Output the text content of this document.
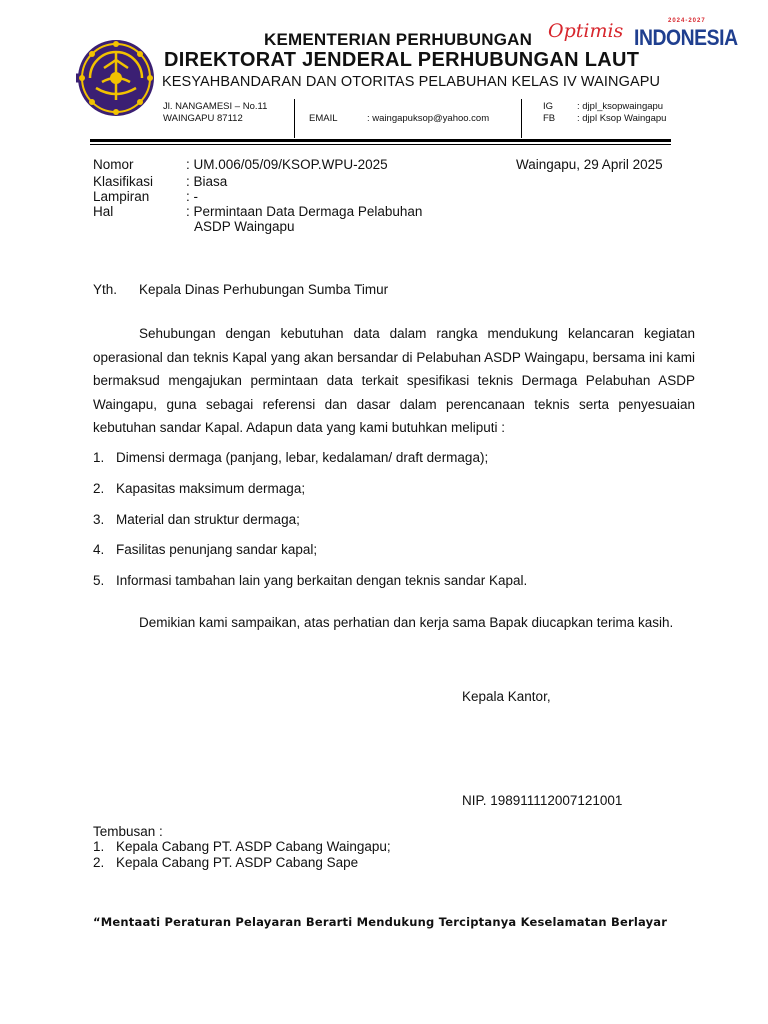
KEMENTERIAN PERHUBUNGAN
DIREKTORAT JENDERAL PERHUBUNGAN LAUT
KESYAHBANDARAN DAN OTORITAS PELABUHAN KELAS IV WAINGAPU
Optimis	2024-2027
INDONESIA
Jl. NANGAMESI – No.11
WAINGAPU 87112	EMAIL	: waingapuksop@yahoo.com
IG	: djpl_ksopwaingapu
FB : djpl Ksop Waingapu
Nomor	: UM.006/05/09/KSOP.WPU-2025	Waingapu, 29 April 2025
Klasifikasi : Biasa
Lampiran	: -
Hal	: Permintaan Data Dermaga Pelabuhan
ASDP Waingapu
Yth. Kepala Dinas Perhubungan Sumba Timur
Sehubungan dengan kebutuhan data dalam rangka mendukung kelancaran kegiatan operasional dan teknis Kapal yang akan bersandar di Pelabuhan ASDP Waingapu, bersama ini kami bermaksud mengajukan permintaan data terkait spesifikasi teknis Dermaga Pelabuhan ASDP Waingapu, guna sebagai referensi dan dasar dalam perencanaan teknis serta penyesuaian kebutuhan sandar Kapal. Adapun data yang kami butuhkan meliputi :
1. Dimensi dermaga (panjang, lebar, kedalaman/ draft dermaga);
2. Kapasitas maksimum dermaga;
3. Material dan struktur dermaga;
4. Fasilitas penunjang sandar kapal;
5. Informasi tambahan lain yang berkaitan dengan teknis sandar Kapal.
Demikian kami sampaikan, atas perhatian dan kerja sama Bapak diucapkan terima kasih.
Kepala Kantor,
NIP. 198911112007121001
Tembusan :
1. Kepala Cabang PT. ASDP Cabang Waingapu;
2. Kepala Cabang PT. ASDP Cabang Sape
“Mentaati Peraturan Pelayaran Berarti Mendukung Terciptanya Keselamatan Berlayar
